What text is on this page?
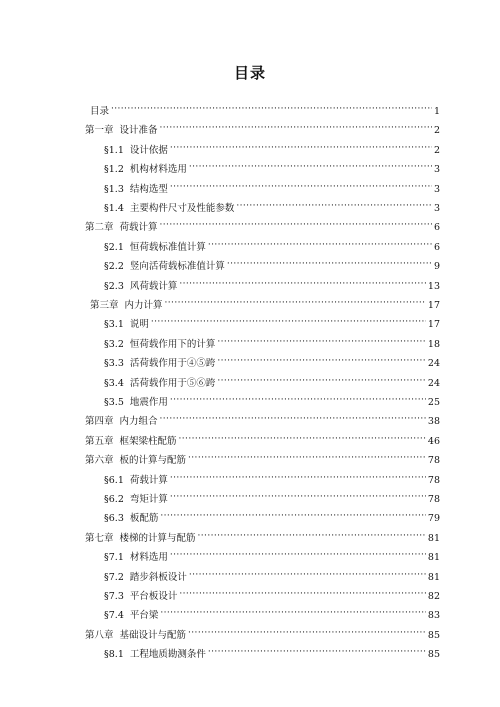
目录
目录 ·····	1
第一章 设计准备 ·····	2
§1.1 设计依据 ·····	2
§1.2 机构材料选用 ·····	3
§1.3 结构选型 ·····	3
§1.4 主要构件尺寸及性能参数 ·····	3
第二章 荷载计算 ·····	6
§2.1 恒荷载标准值计算 ·····	6
§2.2 竖向活荷载标准值计算 ·····	9
§2.3 风荷载计算 ·····	13
第三章 内力计算 ·····	17
§3.1 说明 ·····	17
§3.2 恒荷载作用下的计算 ·····	18
§3.3 活荷载作用于④⑤跨 ·····	24
§3.4 活荷载作用于⑤⑥跨 ·····	24
§3.5 地震作用 ·····	25
第四章 内力组合 ·····	38
第五章 框架梁柱配筋 ·····	46
第六章 板的计算与配筋 ·····	78
§6.1 荷载计算 ·····	78
§6.2 弯矩计算 ·····	78
§6.3 板配筋 ·····	79
第七章 楼梯的计算与配筋 ·····	81
§7.1 材料选用 ·····	81
§7.2 踏步斜板设计 ·····	81
§7.3 平台板设计 ·····	82
§7.4 平台梁 ·····	83
第八章 基础设计与配筋 ·····	85
§8.1 工程地质勘测条件 ·····	85
